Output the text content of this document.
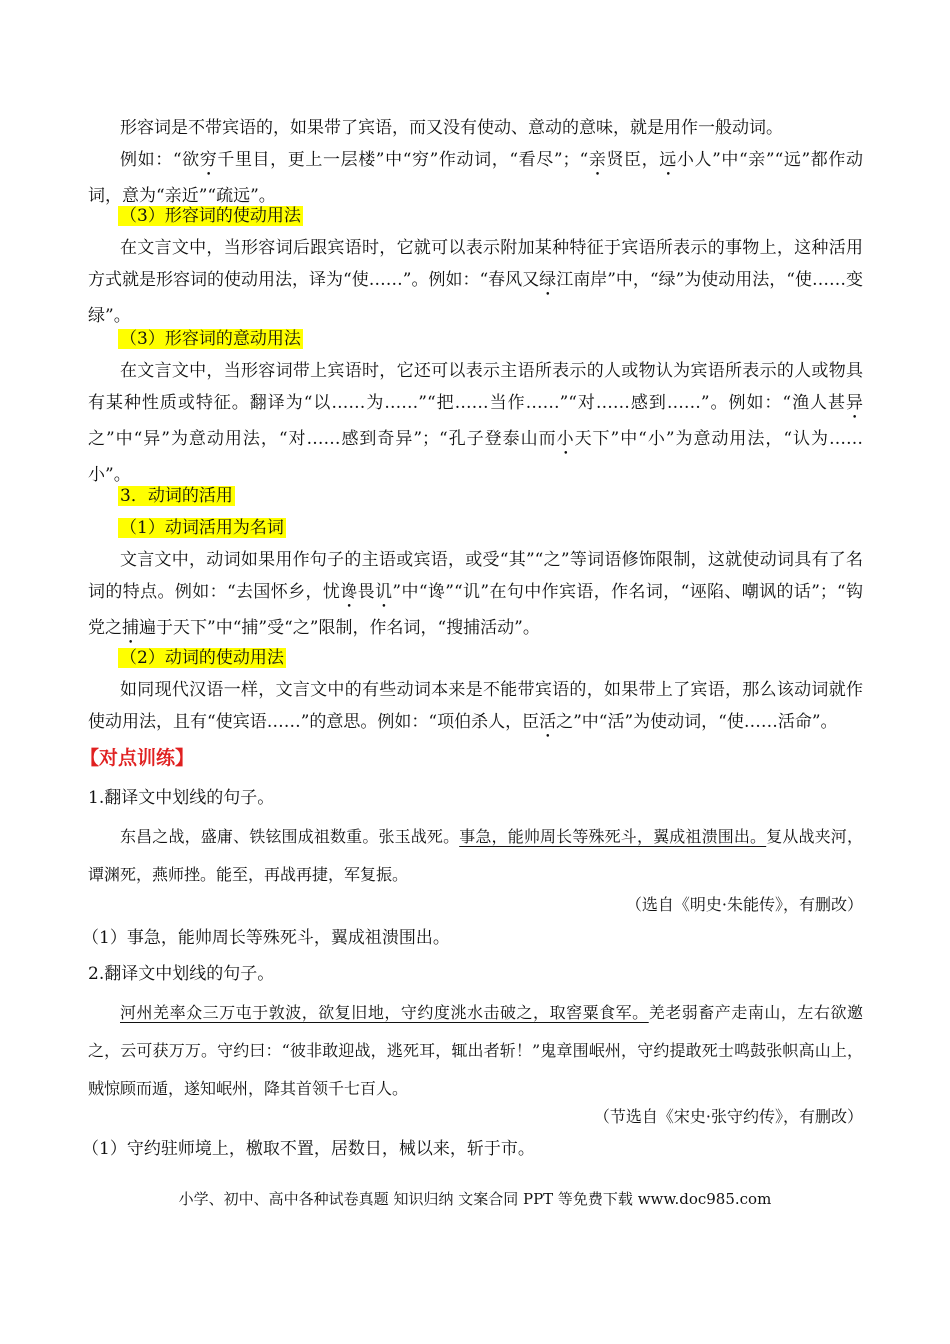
形容词是不带宾语的，如果带了宾语，而又没有使动、意动的意味，就是用作一般动词。
例如：“欲穷千里目，更上一层楼”中“穷”作动词，“看尽”；“亲贤臣，远小人”中“亲”“远”都作动词，意为“亲近”“疏远”。
（3）形容词的使动用法
在文言文中，当形容词后跟宾语时，它就可以表示附加某种特征于宾语所表示的事物上，这种活用方式就是形容词的使动用法，译为“使……”。例如：“春风又绿江南岸”中，“绿”为使动用法，“使……变绿”。
（3）形容词的意动用法
在文言文中，当形容词带上宾语时，它还可以表示主语所表示的人或物认为宾语所表示的人或物具有某种性质或特征。翻译为“以……为……”“把……当作……”“对……感到……”。例如：“渔人甚异之”中“异”为意动用法，“对……感到奇异”；“孔子登泰山而小天下”中“小”为意动用法，“认为……小”。
3．动词的活用
（1）动词活用为名词
文言文中，动词如果用作句子的主语或宾语，或受“其”“之”等词语修饰限制，这就使动词具有了名词的特点。例如：“去国怀乡，忧谗畏讥”中“谗”“讥”在句中作宾语，作名词，“诬陷、嘲讽的话”；“钩党之捕遍于天下”中“捕”受“之”限制，作名词，“搜捕活动”。
（2）动词的使动用法
如同现代汉语一样，文言文中的有些动词本来是不能带宾语的，如果带上了宾语，那么该动词就作使动用法，且有“使宾语……”的意思。例如：“项伯杀人，臣活之”中“活”为使动词，“使……活命”。
【对点训练】
1.翻译文中划线的句子。
东昌之战，盛庸、铁铉围成祖数重。张玉战死。事急，能帅周长等殊死斗，翼成祖溃围出。复从战夹河，谭渊死，燕师挫。能至，再战再捷，军复振。
（选自《明史·朱能传》，有删改）
（1）事急，能帅周长等殊死斗，翼成祖溃围出。
2.翻译文中划线的句子。
河州羌率众三万屯于敦波，欲复旧地，守约度洮水击破之，取窖粟食军。羌老弱畜产走南山，左右欲邀之，云可获万万。守约曰：“彼非敢迎战，逃死耳，辄出者斩！”鬼章围岷州，守约提敢死士鸣鼓张帜高山上，贼惊顾而遁，遂知岷州，降其首领千七百人。
（节选自《宋史·张守约传》，有删改）
（1）守约驻师境上，檄取不置，居数日，械以来，斩于市。
小学、初中、高中各种试卷真题 知识归纳 文案合同 PPT 等免费下载 www.doc985.com
